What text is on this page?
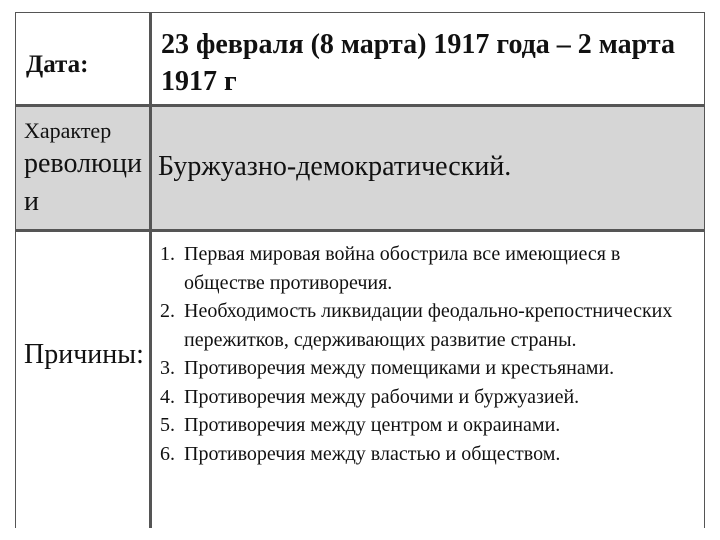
Дата:
23 февраля (8 марта) 1917 года – 2 марта 1917 г
Характер
революции
Буржуазно-демократический.
Причины:
1. Первая мировая война обострила все имеющиеся в обществе противоречия.
2. Необходимость ликвидации феодально-крепостнических пережитков, сдерживающих развитие страны.
3. Противоречия между помещиками и крестьянами.
4. Противоречия между рабочими и буржуазией.
5. Противоречия между центром и окраинами.
6. Противоречия между властью и обществом.
